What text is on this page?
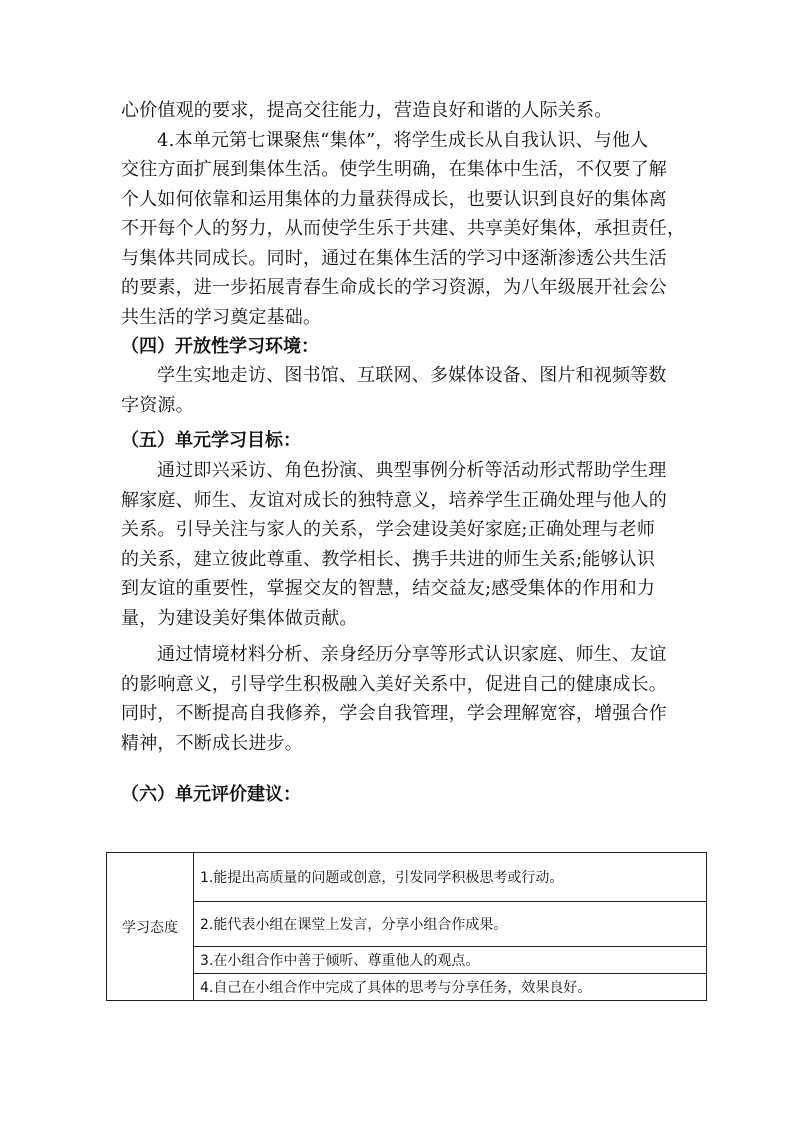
心价值观的要求，提高交往能力，营造良好和谐的人际关系。
4.本单元第七课聚焦“集体”，将学生成长从自我认识、与他人
交往方面扩展到集体生活。使学生明确，在集体中生活，不仅要了解
个人如何依靠和运用集体的力量获得成长，也要认识到良好的集体离
不开每个人的努力，从而使学生乐于共建、共享美好集体，承担责任，
与集体共同成长。同时，通过在集体生活的学习中逐渐渗透公共生活
的要素，进一步拓展青春生命成长的学习资源，为八年级展开社会公
共生活的学习奠定基础。
（四）开放性学习环境：
学生实地走访、图书馆、互联网、多媒体设备、图片和视频等数
字资源。
（五）单元学习目标：
通过即兴采访、角色扮演、典型事例分析等活动形式帮助学生理
解家庭、师生、友谊对成长的独特意义，培养学生正确处理与他人的
关系。引导关注与家人的关系，学会建设美好家庭;正确处理与老师
的关系，建立彼此尊重、教学相长、携手共进的师生关系;能够认识
到友谊的重要性，掌握交友的智慧，结交益友;感受集体的作用和力
量，为建设美好集体做贡献。
通过情境材料分析、亲身经历分享等形式认识家庭、师生、友谊
的影响意义，引导学生积极融入美好关系中，促进自己的健康成长。
同时，不断提高自我修养，学会自我管理，学会理解宽容，增强合作
精神，不断成长进步。
（六）单元评价建议：
学习态度	1.能提出高质量的问题或创意，引发同学积极思考或行动。
2.能代表小组在课堂上发言，分享小组合作成果。
3.在小组合作中善于倾听、尊重他人的观点。
4.自己在小组合作中完成了具体的思考与分享任务，效果良好。
